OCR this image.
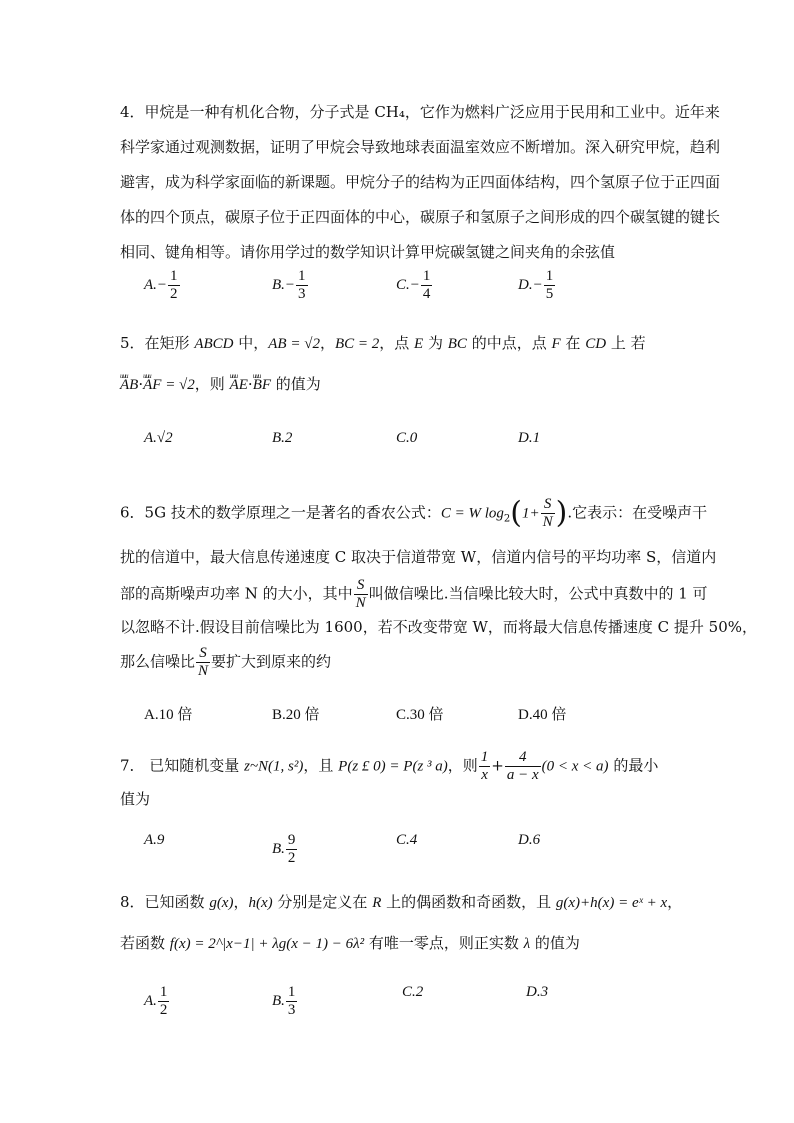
4．甲烷是一种有机化合物，分子式是 CH₄，它作为燃料广泛应用于民用和工业中。近年来
科学家通过观测数据，证明了甲烷会导致地球表面温室效应不断增加。深入研究甲烷，趋利
避害，成为科学家面临的新课题。甲烷分子的结构为正四面体结构，四个氢原子位于正四面
体的四个顶点，碳原子位于正四面体的中心，碳原子和氢原子之间形成的四个碳氢键的键长
相同、键角相等。请你用学过的数学知识计算甲烷碳氢键之间夹角的余弦值
$A.- \frac{1}{2}$	$B.- \frac{1}{3}$	$C.- \frac{1}{4}$	$D.- \frac{1}{5}$
5．在矩形 ABCD 中，AB = √2，BC = 2，点 E 为 BC 的中点，点 F 在 CD 上 若
uuu AB·uuu AF = √2，则 uuu AE·uuu BF 的值为
A.√2	B.2	C.0	D.1
6．5G 技术的数学原理之一是著名的香农公式：C = W $\log_2(1+ \frac{S}{N}$ ).它表示：在受噪声干
扰的信道中，最大信息传递速度 C 取决于信道带宽 W，信道内信号的平均功率 S，信道内
部的高斯噪声功率 N 的大小，其中 $\frac{S}{N}$ 叫做信噪比.当信噪比较大时，公式中真数中的 1 可
以忽略不计.假设目前信噪比为 1600，若不改变带宽 W，而将最大信息传播速度 C 提升 50%，
那么信噪比 $\frac{S}{N}$ 要扩大到原来的约
A.10 倍	B.20 倍	C.30 倍	D.40 倍
7． 已知随机变量 z~N(1, s²)，且 P(z £ 0) = P(z ³ a)，则 $\frac{1}{x} + \frac{4}{a - x} (0 < x < a)$ 的最小
值为
A.9
B. $\frac{9}{2}$	C.4	D.6
8．已知函数 g(x)，h(x) 分别是定义在 R 上的偶函数和奇函数，且 g(x)+h(x) = eˣ + x，
若函数 f(x) = 2^|x−1| + λg(x − 1) − 6λ² 有唯一零点，则正实数 λ 的值为
A. $\frac{1}{2}$	B. $\frac{1}{3}$	C.2	D.3
